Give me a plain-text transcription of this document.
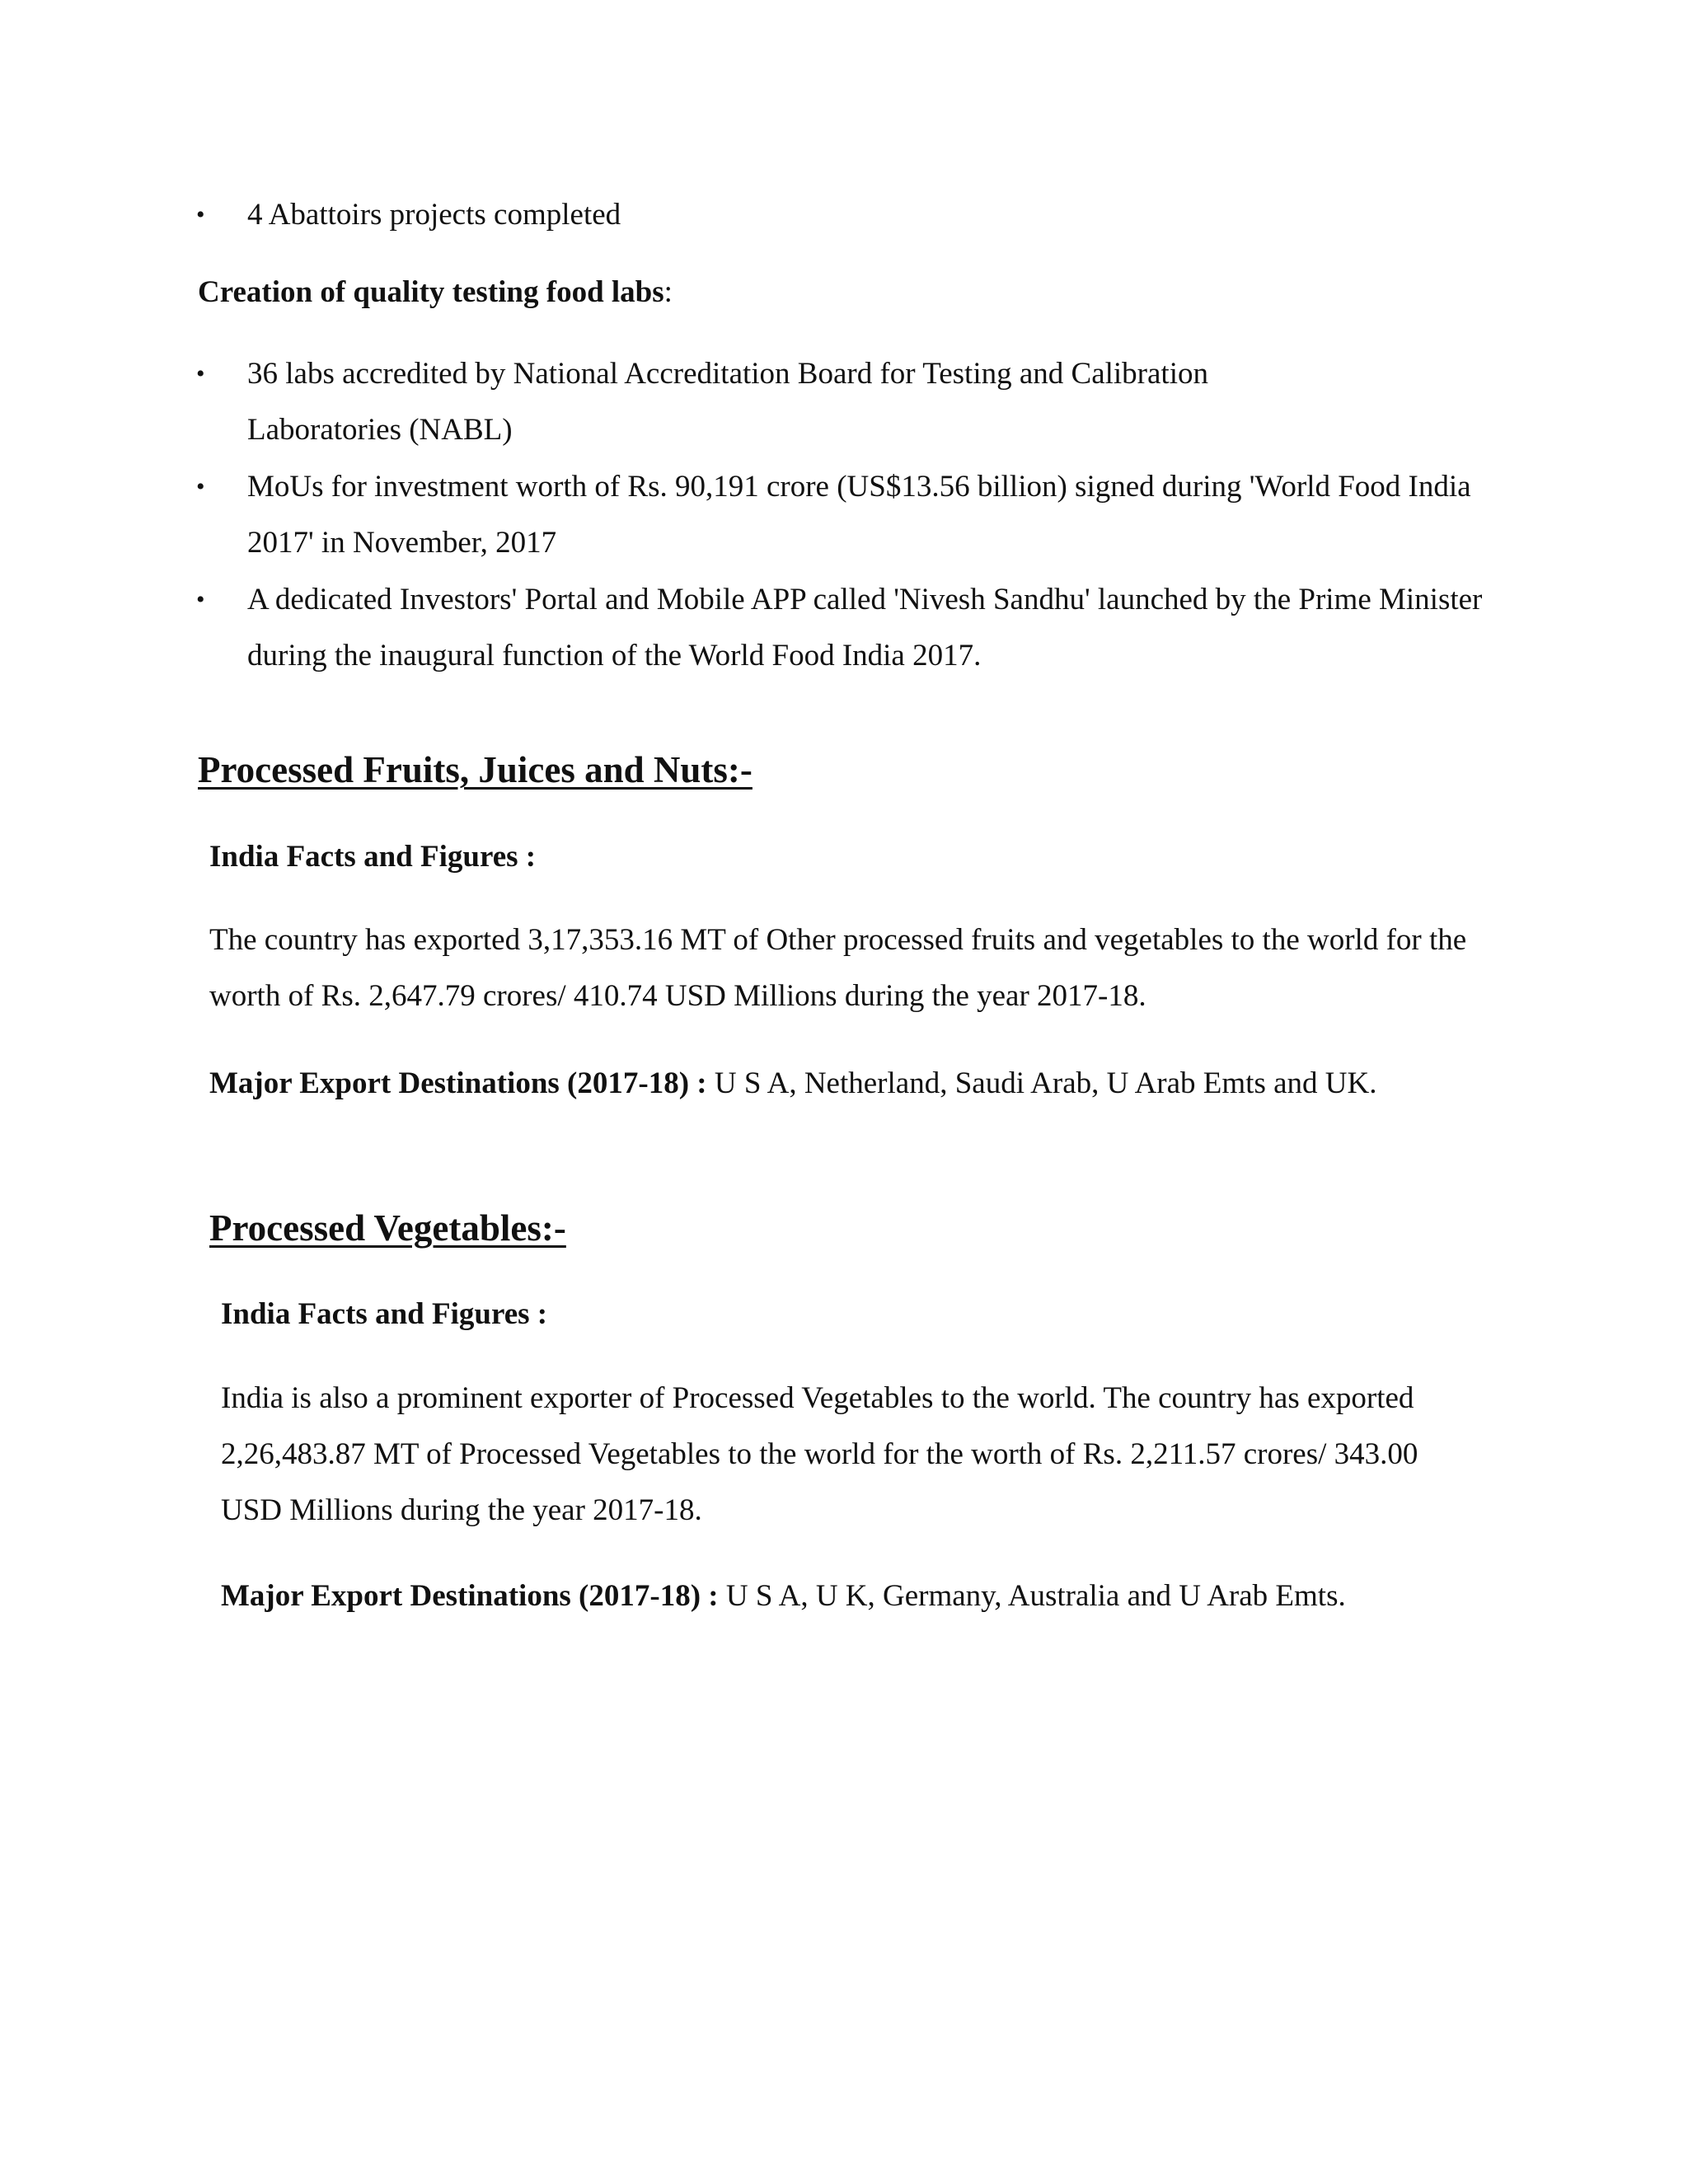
• 4 Abattoirs projects completed
Creation of quality testing food labs:
• 36 labs accredited by National Accreditation Board for Testing and Calibration Laboratories (NABL)
• MoUs for investment worth of Rs. 90,191 crore (US$13.56 billion) signed during 'World Food India 2017' in November, 2017
• A dedicated Investors' Portal and Mobile APP called 'Nivesh Sandhu' launched by the Prime Minister during the inaugural function of the World Food India 2017.
Processed Fruits, Juices and Nuts:-
India Facts and Figures :
The country has exported 3,17,353.16 MT of Other processed fruits and vegetables to the world for the worth of Rs. 2,647.79 crores/ 410.74 USD Millions during the year 2017-18.
Major Export Destinations (2017-18) : U S A, Netherland, Saudi Arab, U Arab Emts and UK.
Processed Vegetables:-
India Facts and Figures :
India is also a prominent exporter of Processed Vegetables to the world. The country has exported 2,26,483.87 MT of Processed Vegetables to the world for the worth of Rs. 2,211.57 crores/ 343.00 USD Millions during the year 2017-18.
Major Export Destinations (2017-18) : U S A, U K, Germany, Australia and U Arab Emts.
